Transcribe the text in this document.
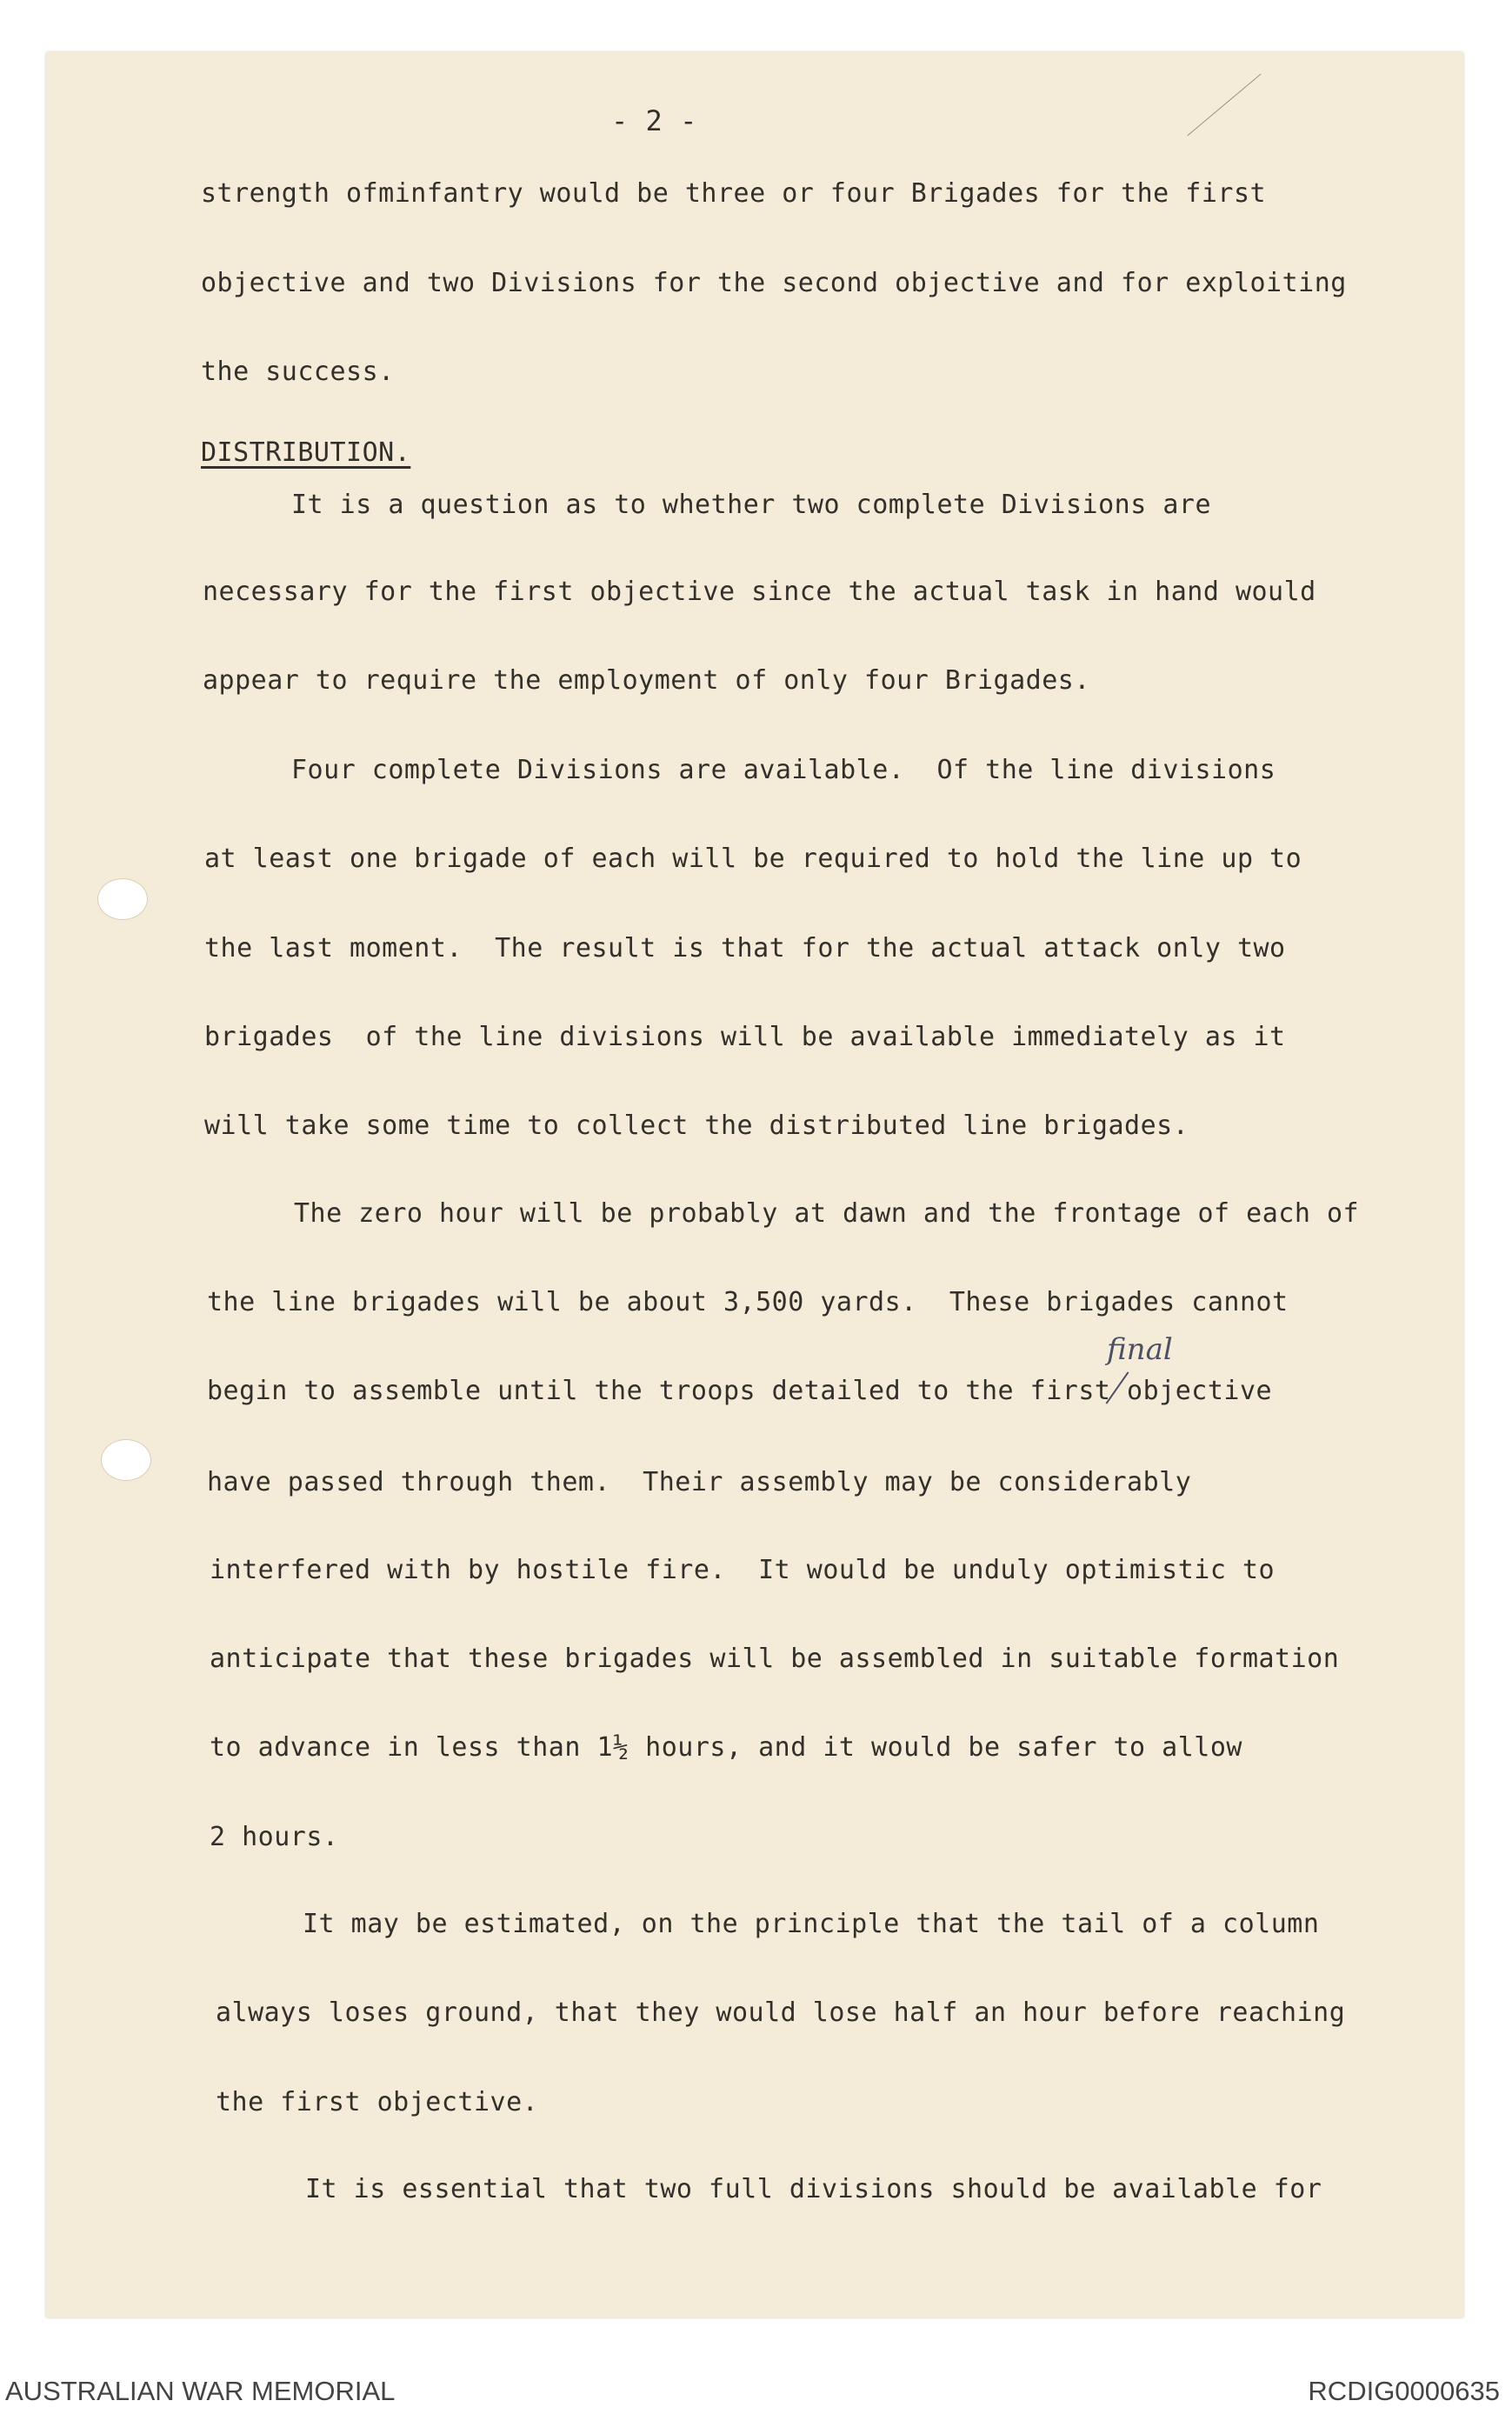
- 2 -
strength ofminfantry would be three or four Brigades for the first
objective and two Divisions for the second objective and for exploiting
the success.
DISTRIBUTION.
It is a question as to whether two complete Divisions are
necessary for the first objective since the actual task in hand would
appear to require the employment of only four Brigades.
Four complete Divisions are available.  Of the line divisions
at least one brigade of each will be required to hold the line up to
the last moment.  The result is that for the actual attack only two
brigades  of the line divisions will be available immediately as it
will take some time to collect the distributed line brigades.
The zero hour will be probably at dawn and the frontage of each of
the line brigades will be about 3,500 yards.  These brigades cannot
begin to assemble until the troops detailed to the first objective
final
have passed through them.  Their assembly may be considerably
interfered with by hostile fire.  It would be unduly optimistic to
anticipate that these brigades will be assembled in suitable formation
to advance in less than 1½ hours, and it would be safer to allow
2 hours.
It may be estimated, on the principle that the tail of a column
always loses ground, that they would lose half an hour before reaching
the first objective.
It is essential that two full divisions should be available for
AUSTRALIAN WAR MEMORIAL	RCDIG0000635
